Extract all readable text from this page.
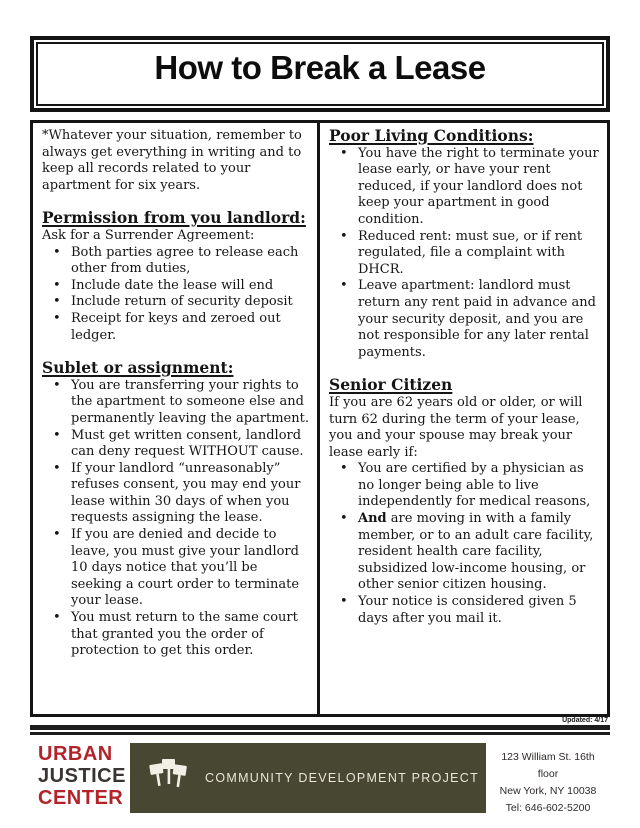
How to Break a Lease

*Whatever your situation, remember to always get everything in writing and to keep all records related to your apartment for six years.

Permission from you landlord:

Ask for a Surrender Agreement:

• Both parties agree to release each other from duties,
• Include date the lease will end
• Include return of security deposit
• Receipt for keys and zeroed out ledger.
Sublet or assignment:
• You are transferring your rights to the apartment to someone else and permanently leaving the apartment.
• Must get written consent, landlord can deny request WITHOUT cause.
• If your landlord “unreasonably” refuses consent, you may end your lease within 30 days of when you requests assigning the lease.
• If you are denied and decide to leave, you must give your landlord 10 days notice that you’ll be seeking a court order to terminate your lease.
• You must return to the same court that granted you the order of protection to get this order.
Poor Living Conditions:
• You have the right to terminate your lease early, or have your rent reduced, if your landlord does not keep your apartment in good condition.
• Reduced rent: must sue, or if rent regulated, file a complaint with DHCR.
• Leave apartment: landlord must return any rent paid in advance and your security deposit, and you are not responsible for any later rental payments.
Senior Citizen

If you are 62 years old or older, or will turn 62 during the term of your lease, you and your spouse may break your lease early if:

• You are certified by a physician as no longer being able to live independently for medical reasons,
• And are moving in with a family member, or to an adult care facility, resident health care facility, subsidized low-income housing, or other senior citizen housing.
• Your notice is considered given 5 days after you mail it.
Updated: 4/17
URBAN
JUSTICE
CENTER
COMMUNITY DEVELOPMENT PROJECT
123 William St. 16th
floor
New York, NY 10038
Tel: 646-602-5200
